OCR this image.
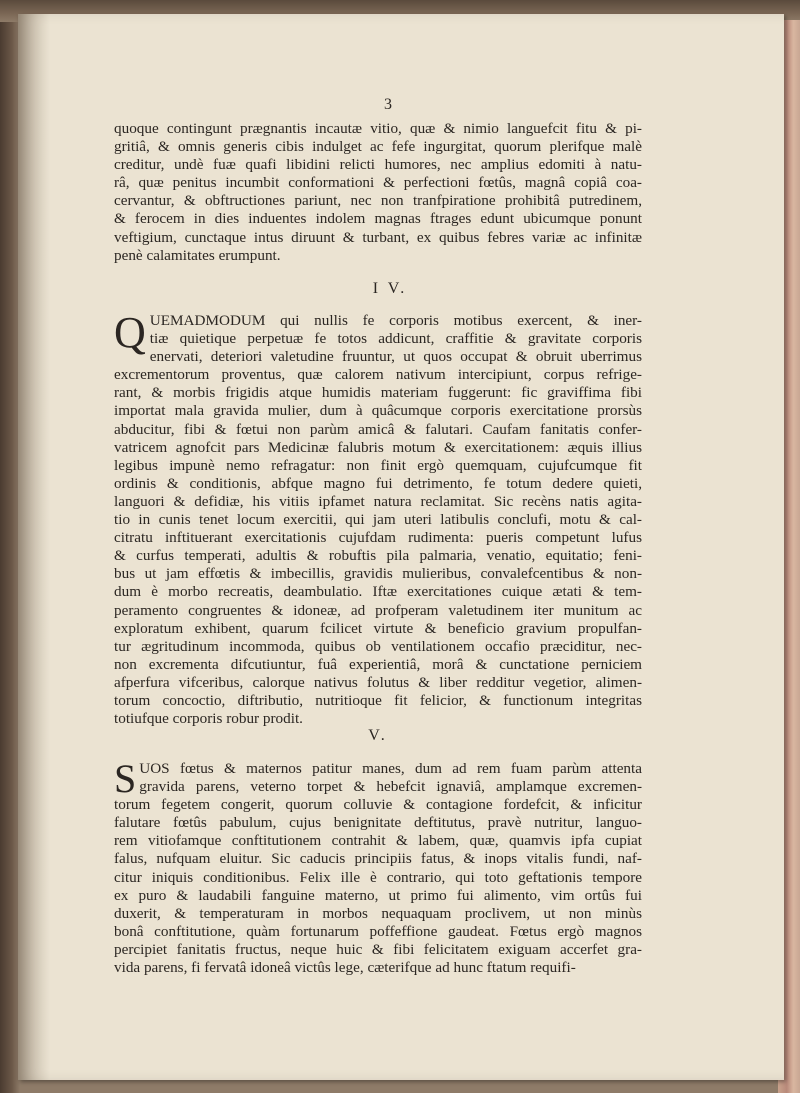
3
quoque contingunt prægnantis incautæ vitio, quæ & nimio languefcit fitu & pi-
gritiâ, & omnis generis cibis indulget ac fefe ingurgitat, quorum plerifque malè
creditur, undè fuæ quafi libidini relicti humores, nec amplius edomiti à natu-
râ, quæ penitus incumbit conformationi & perfectioni fœtûs, magnâ copiâ coa-
cervantur, & obftructiones pariunt, nec non tranfpiratione prohibitâ putredinem,
& ferocem in dies induentes indolem magnas ftrages edunt ubicumque ponunt
veftigium, cunctaque intus diruunt & turbant, ex quibus febres variæ ac infinitæ
penè calamitates erumpunt.
I V.
Q UEMADMODUM qui nullis fe corporis motibus exercent, & iner-
tiæ quietique perpetuæ fe totos addicunt, craffitie & gravitate corporis
enervati, deteriori valetudine fruuntur, ut quos occupat & obruit uberrimus
excrementorum proventus, quæ calorem nativum intercipiunt, corpus refrige-
rant, & morbis frigidis atque humidis materiam fuggerunt: fic graviffima fibi
importat mala gravida mulier, dum à quâcumque corporis exercitatione prorsùs
abducitur, fibi & fœtui non parùm amicâ & falutari. Caufam fanitatis confer-
vatricem agnofcit pars Medicinæ falubris motum & exercitationem: æquis illius
legibus impunè nemo refragatur: non finit ergò quemquam, cujufcumque fit
ordinis & conditionis, abfque magno fui detrimento, fe totum dedere quieti,
languori & defidiæ, his vitiis ipfamet natura reclamitat. Sic recèns natis agita-
tio in cunis tenet locum exercitii, qui jam uteri latibulis conclufi, motu & cal-
citratu inftituerant exercitationis cujufdam rudimenta: pueris competunt lufus
& curfus temperati, adultis & robuftis pila palmaria, venatio, equitatio; feni-
bus ut jam effœtis & imbecillis, gravidis mulieribus, convalefcentibus & non-
dum è morbo recreatis, deambulatio. Iftæ exercitationes cuique ætati & tem-
peramento congruentes & idoneæ, ad profperam valetudinem iter munitum ac
exploratum exhibent, quarum fcilicet virtute & beneficio gravium propulfan-
tur ægritudinum incommoda, quibus ob ventilationem occafio præciditur, nec-
non excrementa difcutiuntur, fuâ experientiâ, morâ & cunctatione perniciem
afperfura vifceribus, calorque nativus folutus & liber redditur vegetior, alimen-
torum concoctio, diftributio, nutritioque fit felicior, & functionum integritas
totiufque corporis robur prodit.
V.
S UOS fœtus & maternos patitur manes, dum ad rem fuam parùm attenta
gravida parens, veterno torpet & hebefcit ignaviâ, amplamque excremen-
torum fegetem congerit, quorum colluvie & contagione fordefcit, & inficitur
falutare fœtûs pabulum, cujus benignitate deftitutus, pravè nutritur, languo-
rem vitiofamque conftitutionem contrahit & labem, quæ, quamvis ipfa cupiat
falus, nufquam eluitur. Sic caducis principiis fatus, & inops vitalis fundi, naf-
citur iniquis conditionibus. Felix ille è contrario, qui toto geftationis tempore
ex puro & laudabili fanguine materno, ut primo fui alimento, vim ortûs fui
duxerit, & temperaturam in morbos nequaquam proclivem, ut non minùs
bonâ conftitutione, quàm fortunarum poffeffione gaudeat. Fœtus ergò magnos
percipiet fanitatis fructus, neque huic & fibi felicitatem exiguam accerfet gra-
vida parens, fi fervatâ idoneâ victûs lege, cæterifque ad hunc ftatum requifi-
